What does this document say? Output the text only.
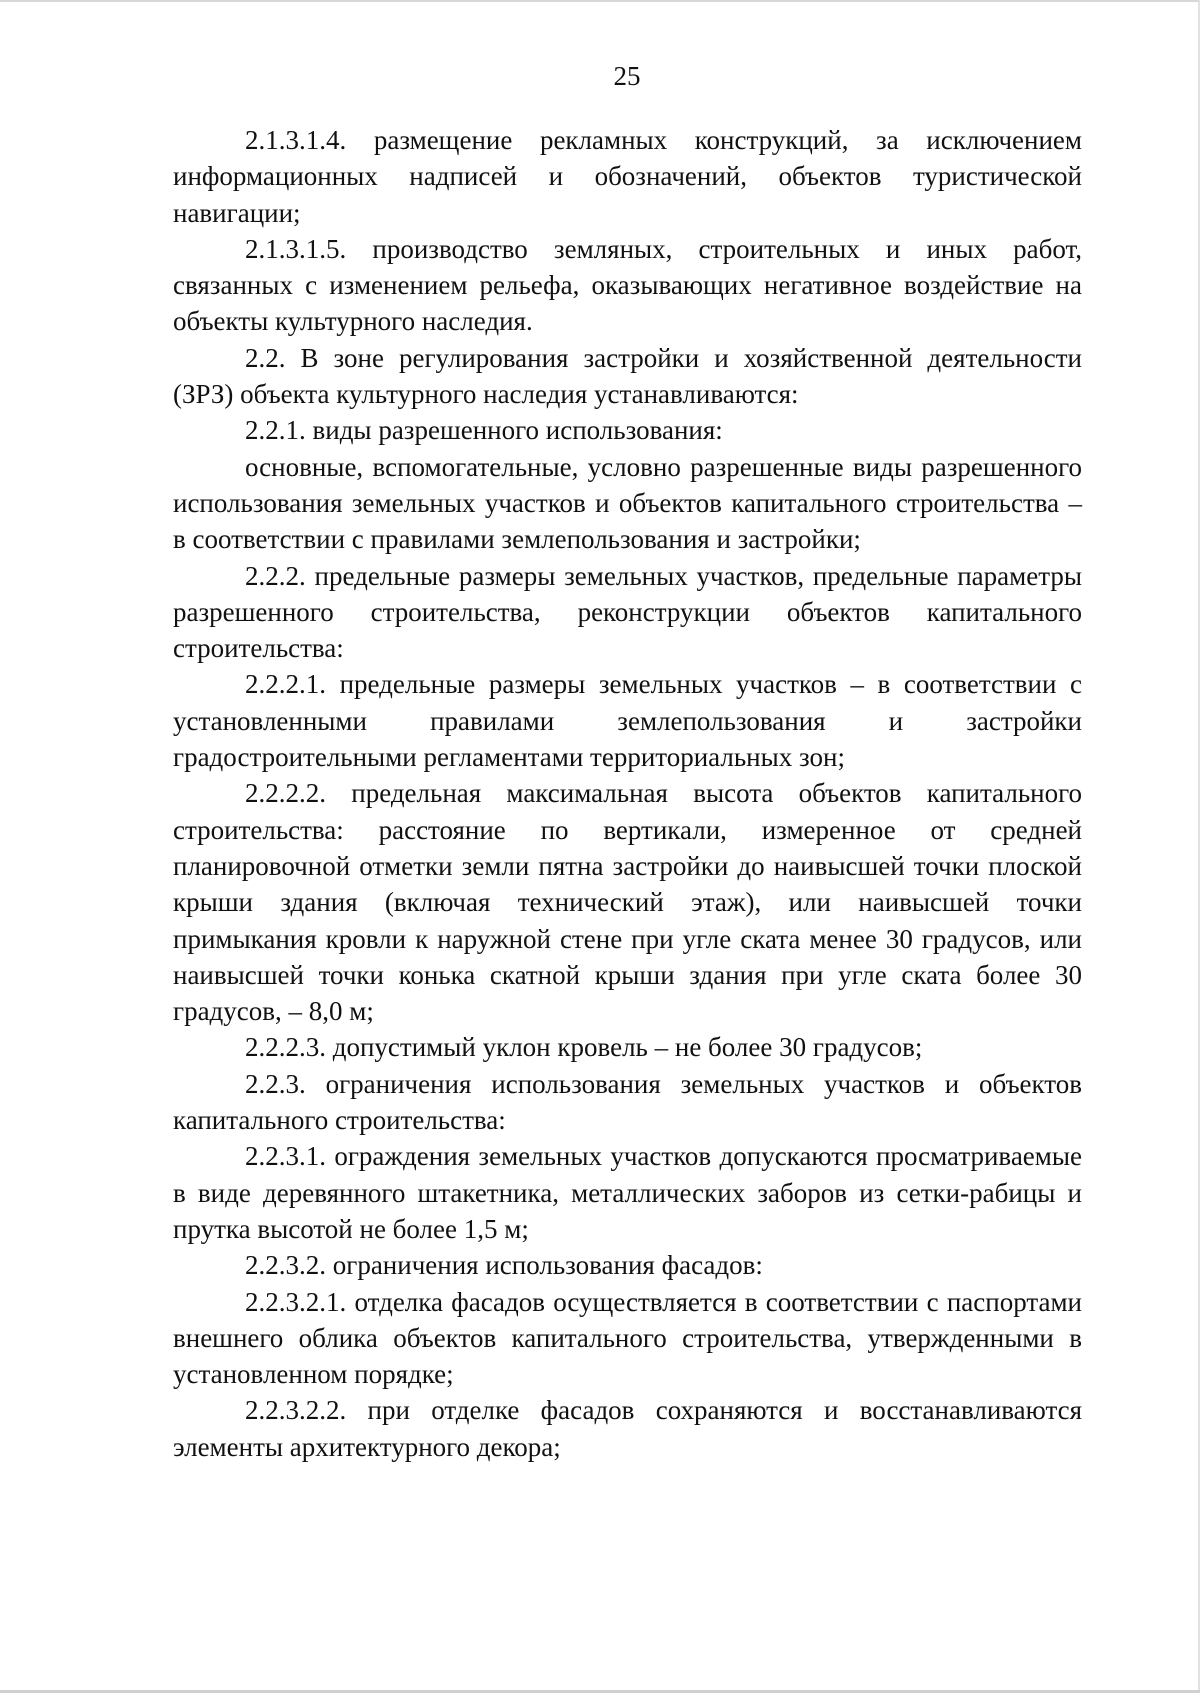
25

2.1.3.1.4. размещение рекламных конструкций, за исключением информационных надписей и обозначений, объектов туристической навигации;

2.1.3.1.5. производство земляных, строительных и иных работ, связанных с изменением рельефа, оказывающих негативное воздействие на объекты культурного наследия.

2.2. В зоне регулирования застройки и хозяйственной деятельности (ЗРЗ) объекта культурного наследия устанавливаются:

2.2.1. виды разрешенного использования:

основные, вспомогательные, условно разрешенные виды разрешенного использования земельных участков и объектов капитального строительства – в соответствии с правилами землепользования и застройки;

2.2.2. предельные размеры земельных участков, предельные параметры разрешенного строительства, реконструкции объектов капитального строительства:

2.2.2.1. предельные размеры земельных участков – в соответствии с установленными правилами землепользования и застройки градостроительными регламентами территориальных зон;

2.2.2.2. предельная максимальная высота объектов капитального строительства: расстояние по вертикали, измеренное от средней планировочной отметки земли пятна застройки до наивысшей точки плоской крыши здания (включая технический этаж), или наивысшей точки примыкания кровли к наружной стене при угле ската менее 30 градусов, или наивысшей точки конька скатной крыши здания при угле ската более 30 градусов, – 8,0 м;

2.2.2.3. допустимый уклон кровель – не более 30 градусов;

2.2.3. ограничения использования земельных участков и объектов капитального строительства:

2.2.3.1. ограждения земельных участков допускаются просматриваемые в виде деревянного штакетника, металлических заборов из сетки-рабицы и прутка высотой не более 1,5 м;

2.2.3.2. ограничения использования фасадов:

2.2.3.2.1. отделка фасадов осуществляется в соответствии с паспортами внешнего облика объектов капитального строительства, утвержденными в установленном порядке;

2.2.3.2.2. при отделке фасадов сохраняются и восстанавливаются элементы архитектурного декора;
